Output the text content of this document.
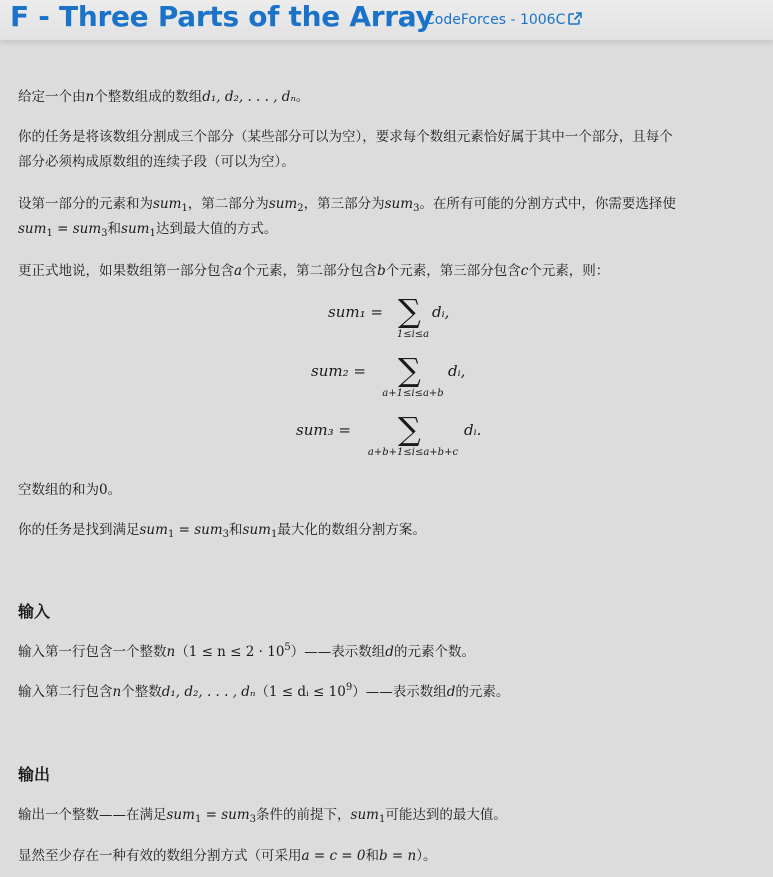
F - Three Parts of the Array
CodeForces - 1006C

给定一个由n个整数组成的数组d₁, d₂, . . . , dₙ。

你的任务是将该数组分割成三个部分（某些部分可以为空），要求每个数组元素恰好属于其中一个部分，且每个

部分必须构成原数组的连续子段（可以为空）。

设第一部分的元素和为sum$_1$，第二部分为sum$_2$，第三部分为sum$_3$。在所有可能的分割方式中，你需要选择使

sum$_1$ = sum$_3$和sum$_1$达到最大值的方式。

更正式地说，如果数组第一部分包含a个元素，第二部分包含b个元素，第三部分包含c个元素，则：

sum₁ = ∑
1≤i≤a
dᵢ,
sum₂ = ∑
a+1≤i≤a+b
dᵢ,
sum₃ = ∑
a+b+1≤i≤a+b+c
dᵢ.

空数组的和为0。

你的任务是找到满足sum$_1$ = sum$_3$和sum$_1$最大化的数组分割方案。

输入

输入第一行包含一个整数$n(1 \le n \le 2 \cdot 10^5)——$表示数组d的元素个数。

输入第二行包含n个整数d₁, d₂, . . . , dₙ（1 ≤ dᵢ ≤ $10^9)——$表示数组d的元素。

输出

输出一个整数——在满足sum$_1$ = sum$_3$条件的前提下，sum$_1$可能达到的最大值。

显然至少存在一种有效的数组分割方式（可采用a = c = 0和b = n）。
